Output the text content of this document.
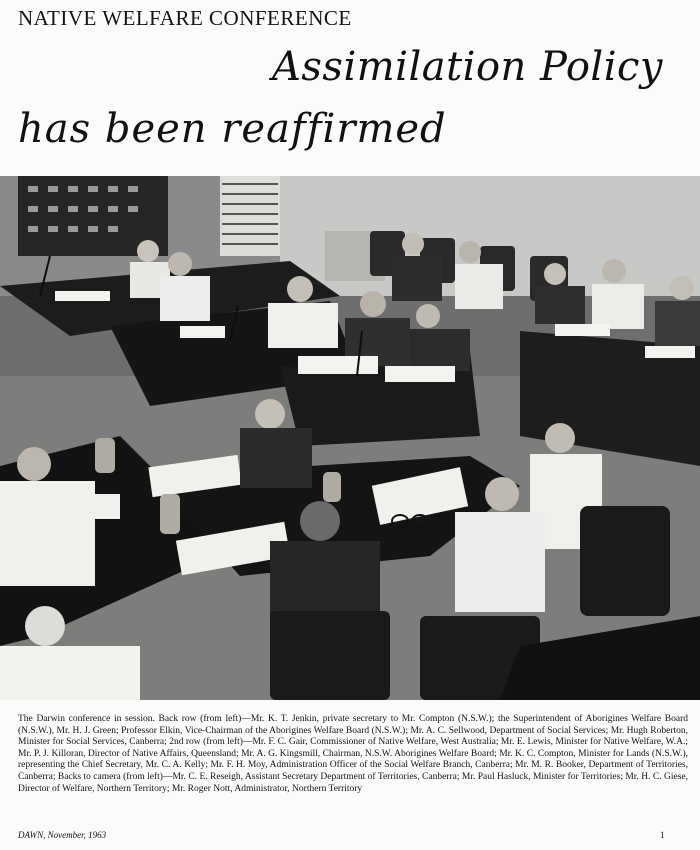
NATIVE WELFARE CONFERENCE
Assimilation Policy
has been reaffirmed
The Darwin conference in session. Back row (from left)—Mr. K. T. Jenkin, private secretary to Mr. Compton (N.S.W.); the Superintendent of Aborigines Welfare Board (N.S.W.), Mr. H. J. Green; Professor Elkin, Vice-Chairman of the Aborigines Welfare Board (N.S.W.); Mr. A. C. Sellwood, Department of Social Services; Mr. Hugh Roberton, Minister for Social Services, Canberra; 2nd row (from left)—Mr. F. C. Gair, Commissioner of Native Welfare, West Australia; Mr. E. Lewis, Minister for Native Welfare, W.A.; Mr. P. J. Killoran, Director of Native Affairs, Queensland; Mr. A. G. Kingsmill, Chairman, N.S.W. Aborigines Welfare Board; Mr. K. C. Compton, Minister for Lands (N.S.W.), representing the Chief Secretary, Mr. C. A. Kelly; Mr. F. H. Moy, Administration Officer of the Social Welfare Branch, Canberra; Mr. M. R. Booker, Department of Territories, Canberra; Backs to camera (from left)—Mr. C. E. Reseigh, Assistant Secretary Department of Territories, Canberra; Mr. Paul Hasluck, Minister for Territories; Mr. H. C. Giese, Director of Welfare, Northern Territory; Mr. Roger Nott, Administrator, Northern Territory
DAWN, November, 1963	1
